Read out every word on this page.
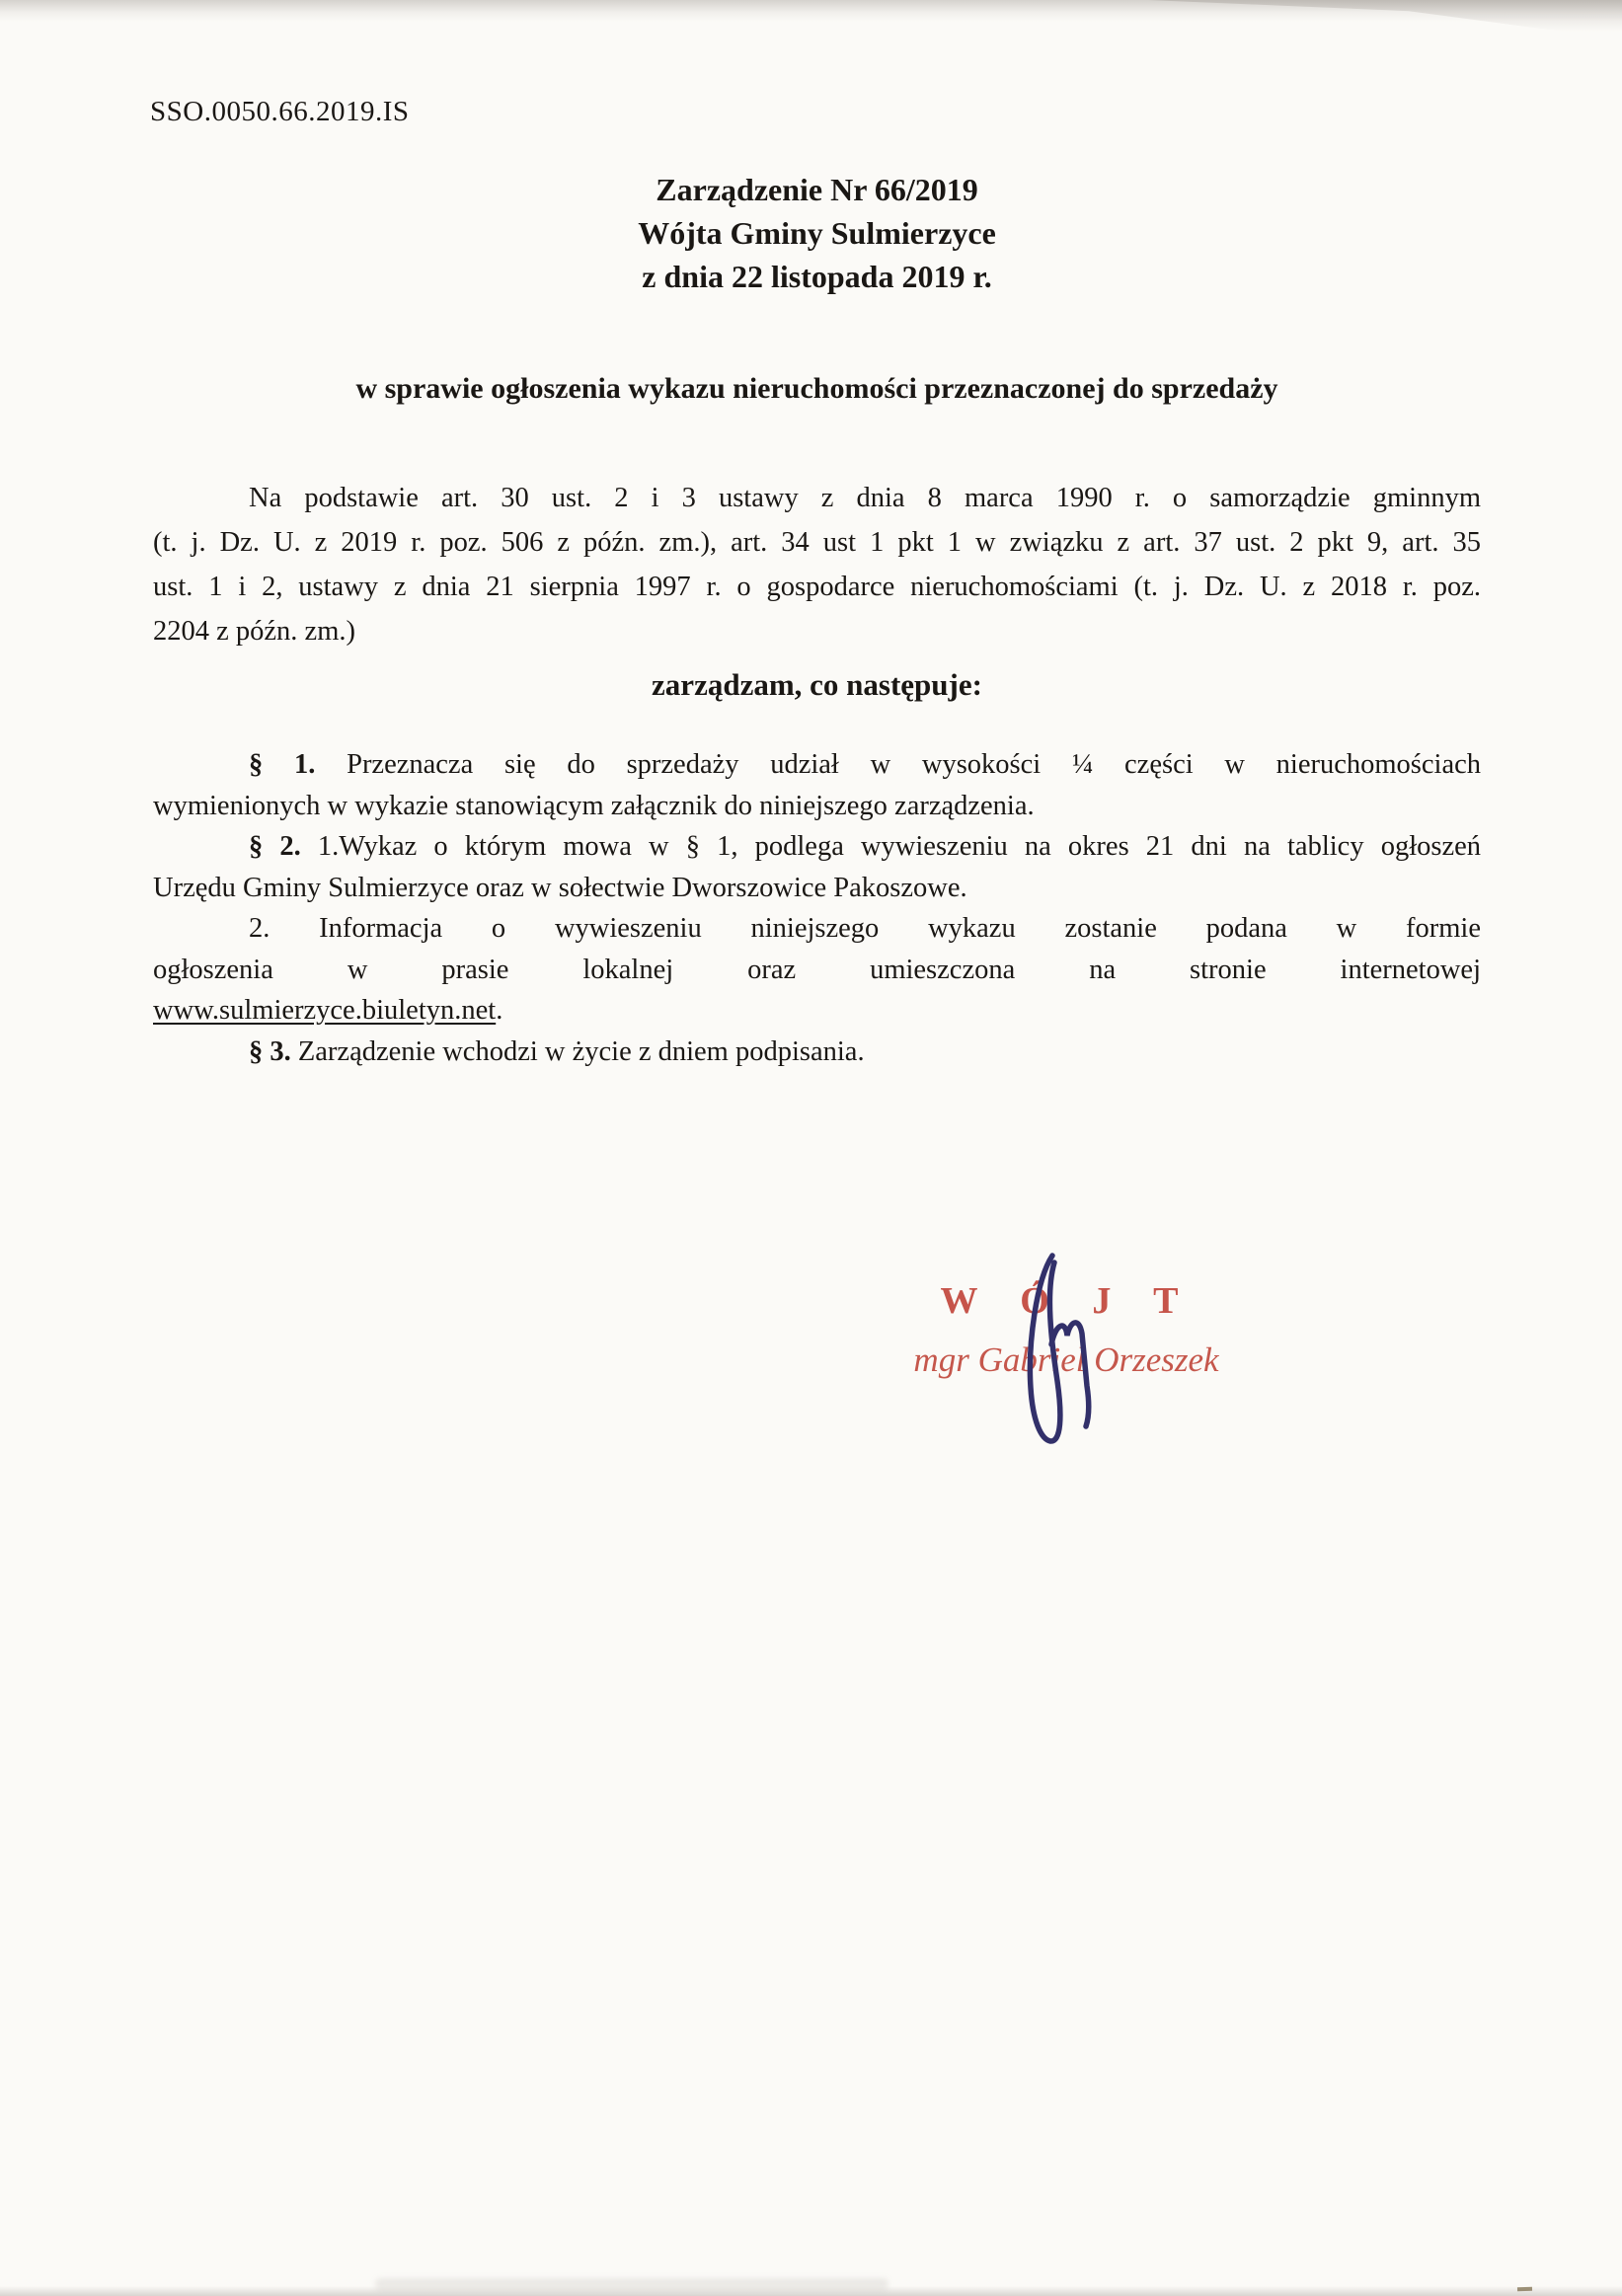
SSO.0050.66.2019.IS
Zarządzenie Nr 66/2019
Wójta Gminy Sulmierzyce
z dnia 22 listopada 2019 r.
w sprawie ogłoszenia wykazu nieruchomości przeznaczonej do sprzedaży
Na podstawie art. 30 ust. 2 i 3 ustawy z dnia 8 marca 1990 r. o samorządzie gminnym
(t. j. Dz. U. z 2019 r. poz. 506 z późn. zm.), art. 34 ust 1 pkt 1 w związku z art. 37 ust. 2 pkt 9, art. 35
ust. 1 i 2, ustawy z dnia 21 sierpnia 1997 r. o gospodarce nieruchomościami (t. j. Dz. U. z 2018 r. poz.
2204 z późn. zm.)
zarządzam, co następuje:
§ 1. Przeznacza się do sprzedaży udział w wysokości ¼ części w nieruchomościach
wymienionych w wykazie stanowiącym załącznik do niniejszego zarządzenia.
§ 2. 1.Wykaz o którym mowa w § 1, podlega wywieszeniu na okres 21 dni na tablicy ogłoszeń
Urzędu Gminy Sulmierzyce oraz w sołectwie Dworszowice Pakoszowe.
2. Informacja o wywieszeniu niniejszego wykazu zostanie podana w formie
ogłoszenia w prasie lokalnej oraz umieszczona na stronie internetowej
www.sulmierzyce.biuletyn.net.
§ 3. Zarządzenie wchodzi w życie z dniem podpisania.
W Ó J T
mgr Gabriel Orzeszek
